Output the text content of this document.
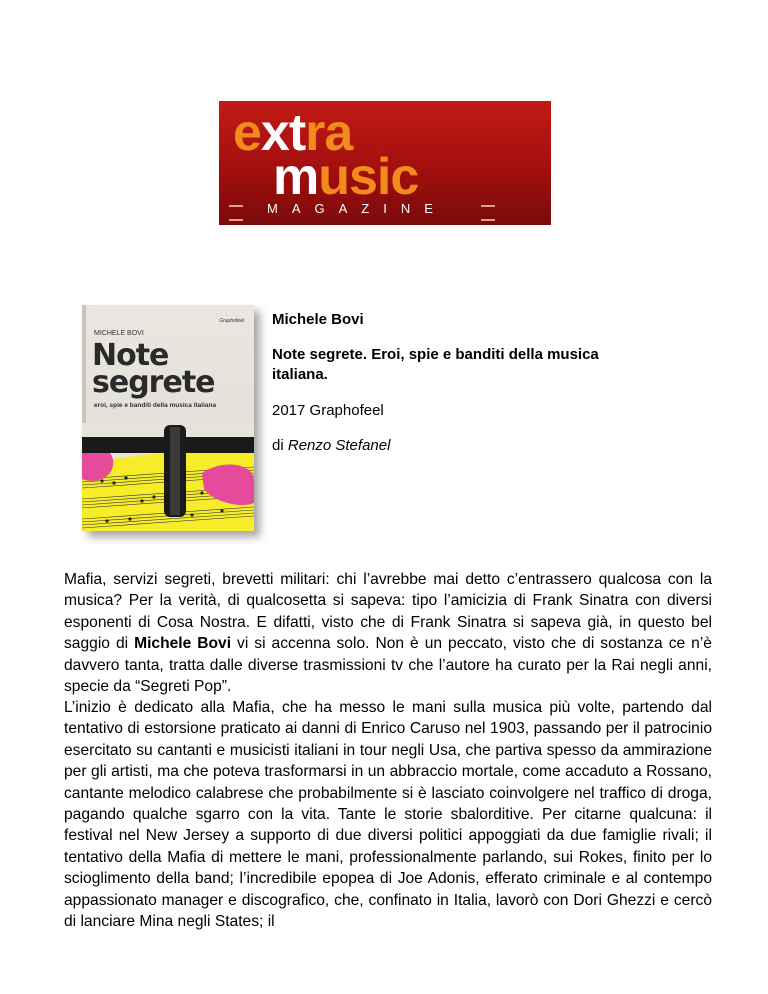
extra
music
MAGAZINE
Graphofeel
MICHELE BOVI
Note
segrete
eroi, spie e banditi della musica italiana
Michele Bovi
Note segrete. Eroi, spie e banditi della musica
italiana.
2017 Graphofeel
di Renzo Stefanel

Mafia, servizi segreti, brevetti militari: chi l’avrebbe mai detto c’entrassero qualcosa con la musica? Per la verità, di qualcosetta si sapeva: tipo l’amicizia di Frank Sinatra con diversi esponenti di Cosa Nostra. E difatti, visto che di Frank Sinatra si sapeva già, in questo bel saggio di Michele Bovi vi si accenna solo. Non è un peccato, visto che di sostanza ce n’è davvero tanta, tratta dalle diverse trasmissioni tv che l’autore ha curato per la Rai negli anni, specie da “Segreti Pop”.

L’inizio è dedicato alla Mafia, che ha messo le mani sulla musica più volte, partendo dal tentativo di estorsione praticato ai danni di Enrico Caruso nel 1903, passando per il patrocinio esercitato su cantanti e musicisti italiani in tour negli Usa, che partiva spesso da ammirazione per gli artisti, ma che poteva trasformarsi in un abbraccio mortale, come accaduto a Rossano, cantante melodico calabrese che probabilmente si è lasciato coinvolgere nel traffico di droga, pagando qualche sgarro con la vita. Tante le storie sbalorditive. Per citarne qualcuna: il festival nel New Jersey a supporto di due diversi politici appoggiati da due famiglie rivali; il tentativo della Mafia di mettere le mani, professionalmente parlando, sui Rokes, finito per lo scioglimento della band; l’incredibile epopea di Joe Adonis, efferato criminale e al contempo appassionato manager e discografico, che, confinato in Italia, lavorò con Dori Ghezzi e cercò di lanciare Mina negli States; il
